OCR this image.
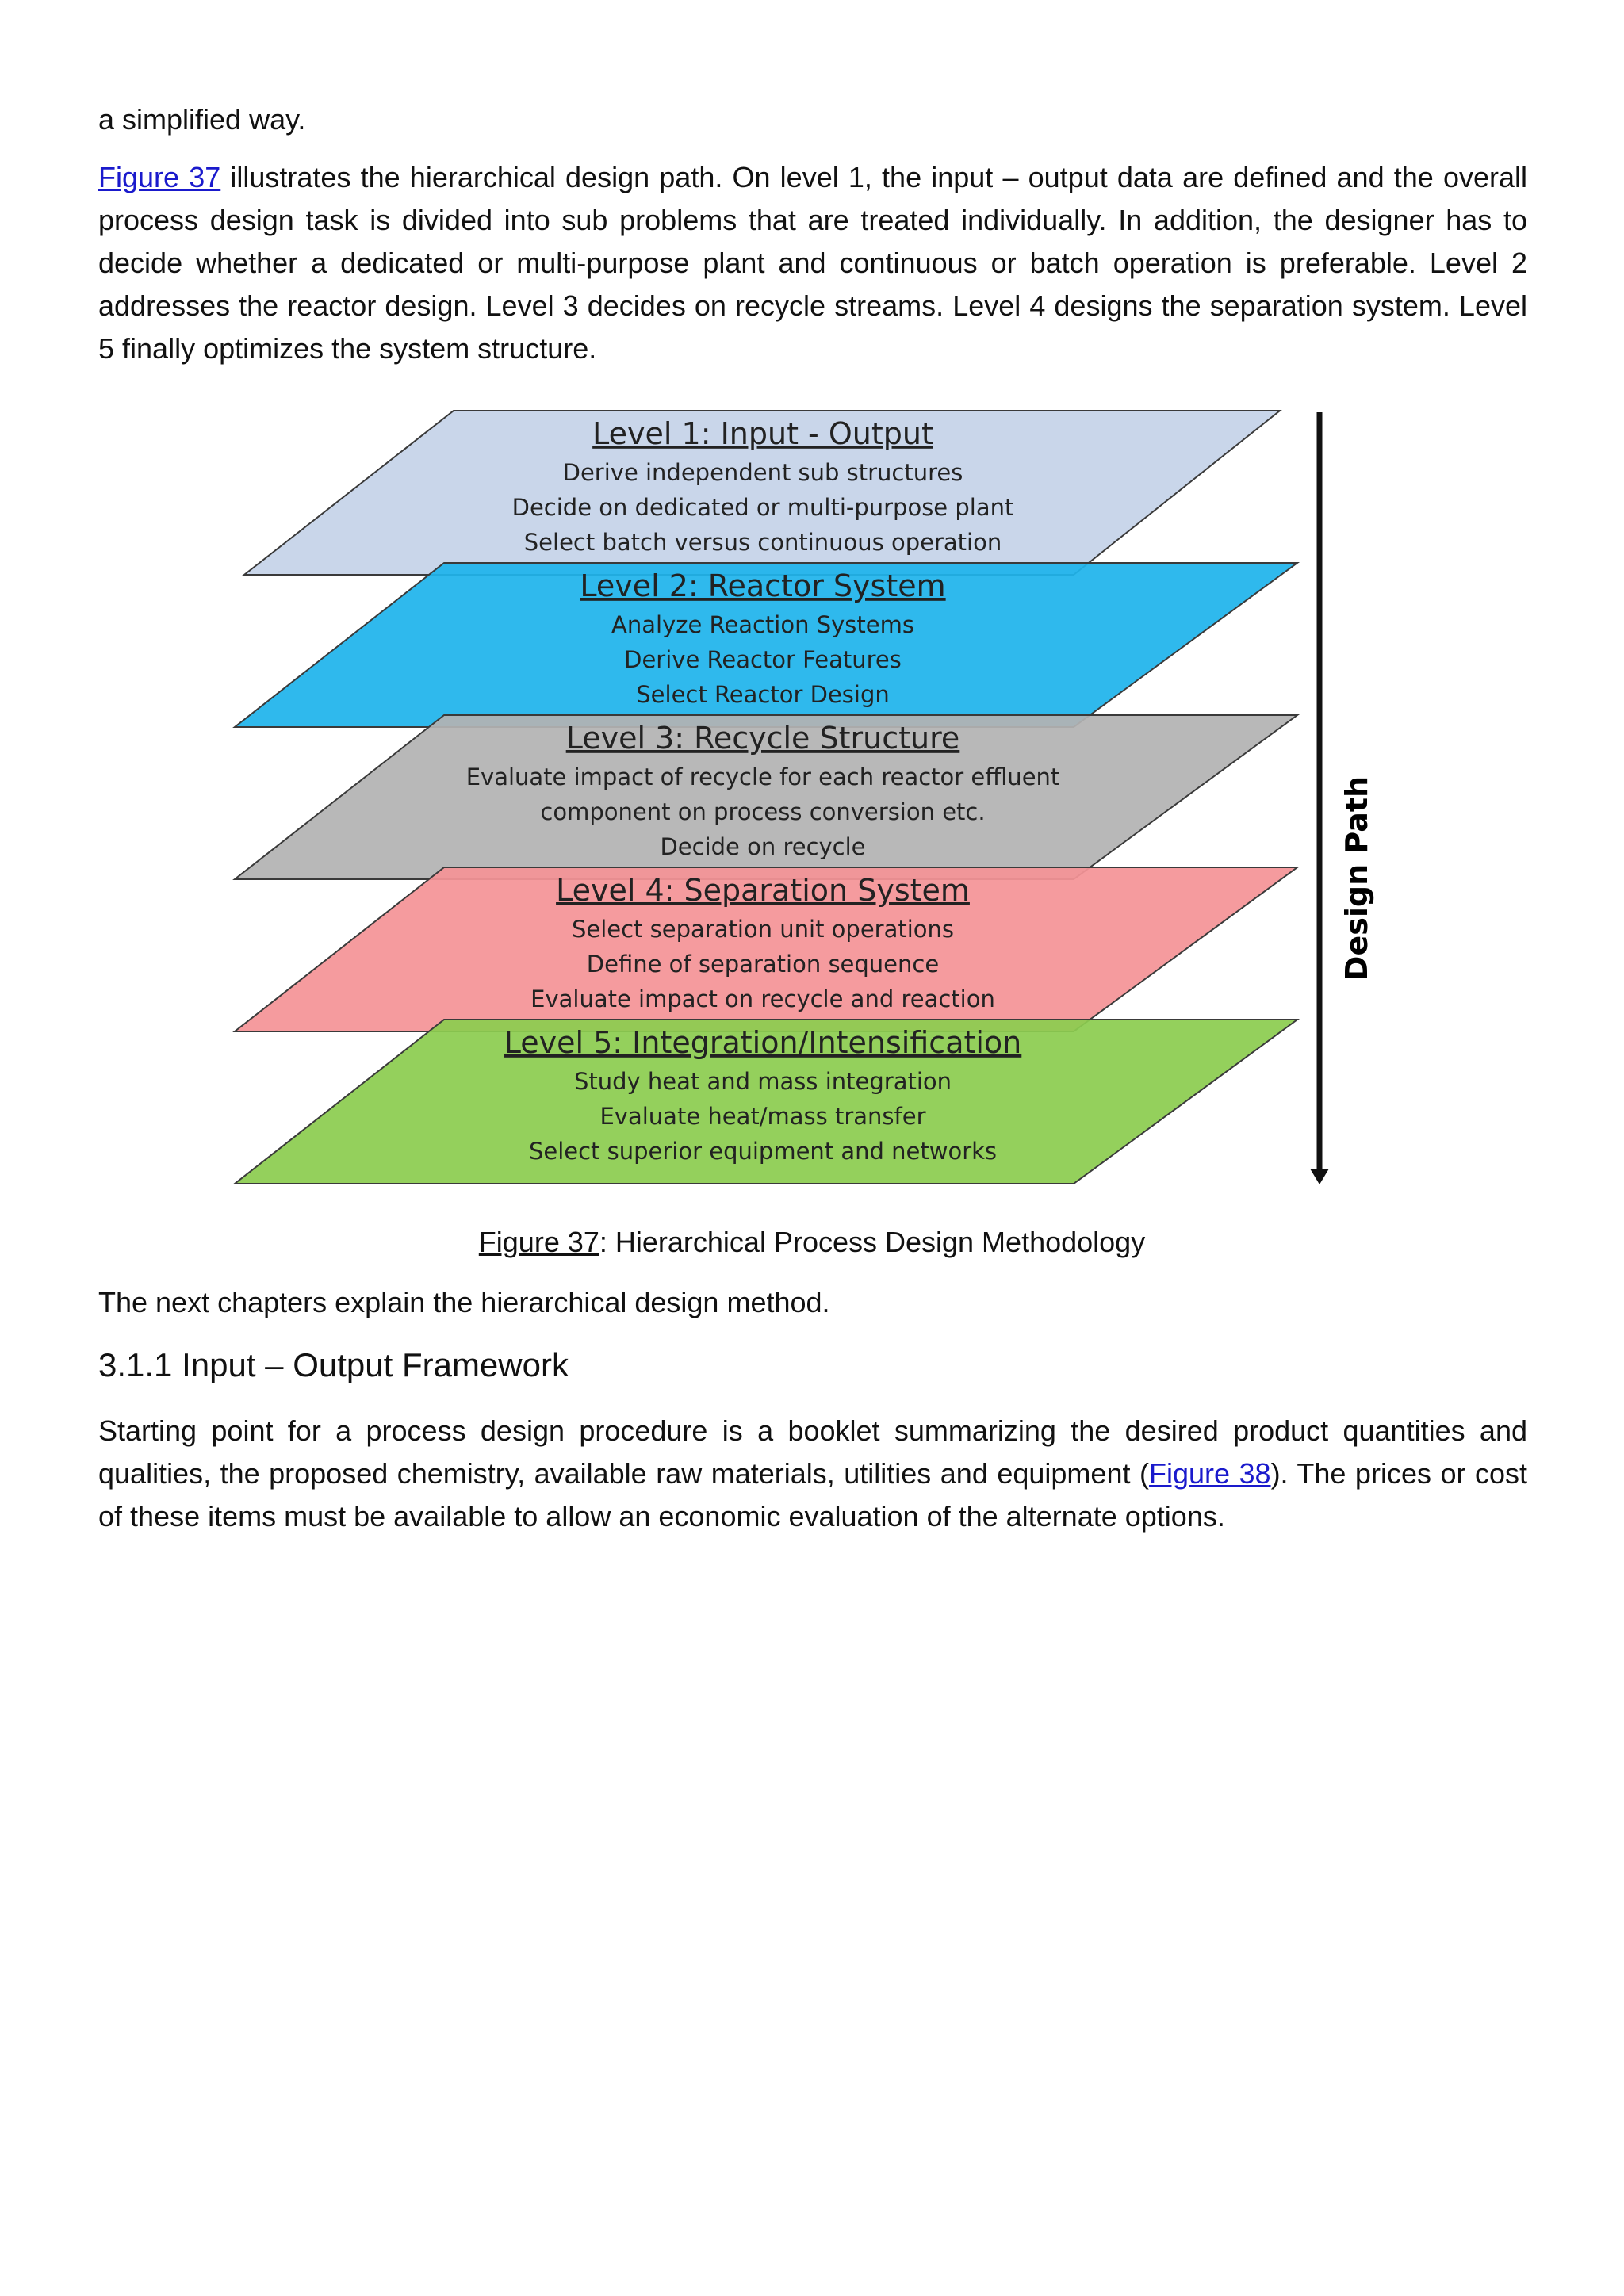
a simplified way.
Figure 37 illustrates the hierarchical design path. On level 1, the input – output data are defined and the overall process design task is divided into sub problems that are treated individually. In addition, the designer has to decide whether a dedicated or multi-purpose plant and continuous or batch operation is preferable. Level 2 addresses the reactor design. Level 3 decides on recycle streams. Level 4 designs the separation system. Level 5 finally optimizes the system structure.
Level 1: Input - Output
Derive independent sub structures
Decide on dedicated or multi-purpose plant
Select batch versus continuous operation
Level 2: Reactor System
Analyze Reaction Systems
Derive Reactor Features
Select Reactor Design
Level 3: Recycle Structure
Evaluate impact of recycle for each reactor effluent
component on process conversion etc.
Decide on recycle
Level 4: Separation System
Select separation unit operations
Define of separation sequence
Evaluate impact on recycle and reaction
Level 5: Integration/Intensification
Study heat and mass integration
Evaluate heat/mass transfer
Select superior equipment and networks
Design Path
Figure 37: Hierarchical Process Design Methodology
The next chapters explain the hierarchical design method.
3.1.1 Input – Output Framework
Starting point for a process design procedure is a booklet summarizing the desired product quantities and qualities, the proposed chemistry, available raw materials, utilities and equipment (Figure 38). The prices or cost of these items must be available to allow an economic evaluation of the alternate options.
